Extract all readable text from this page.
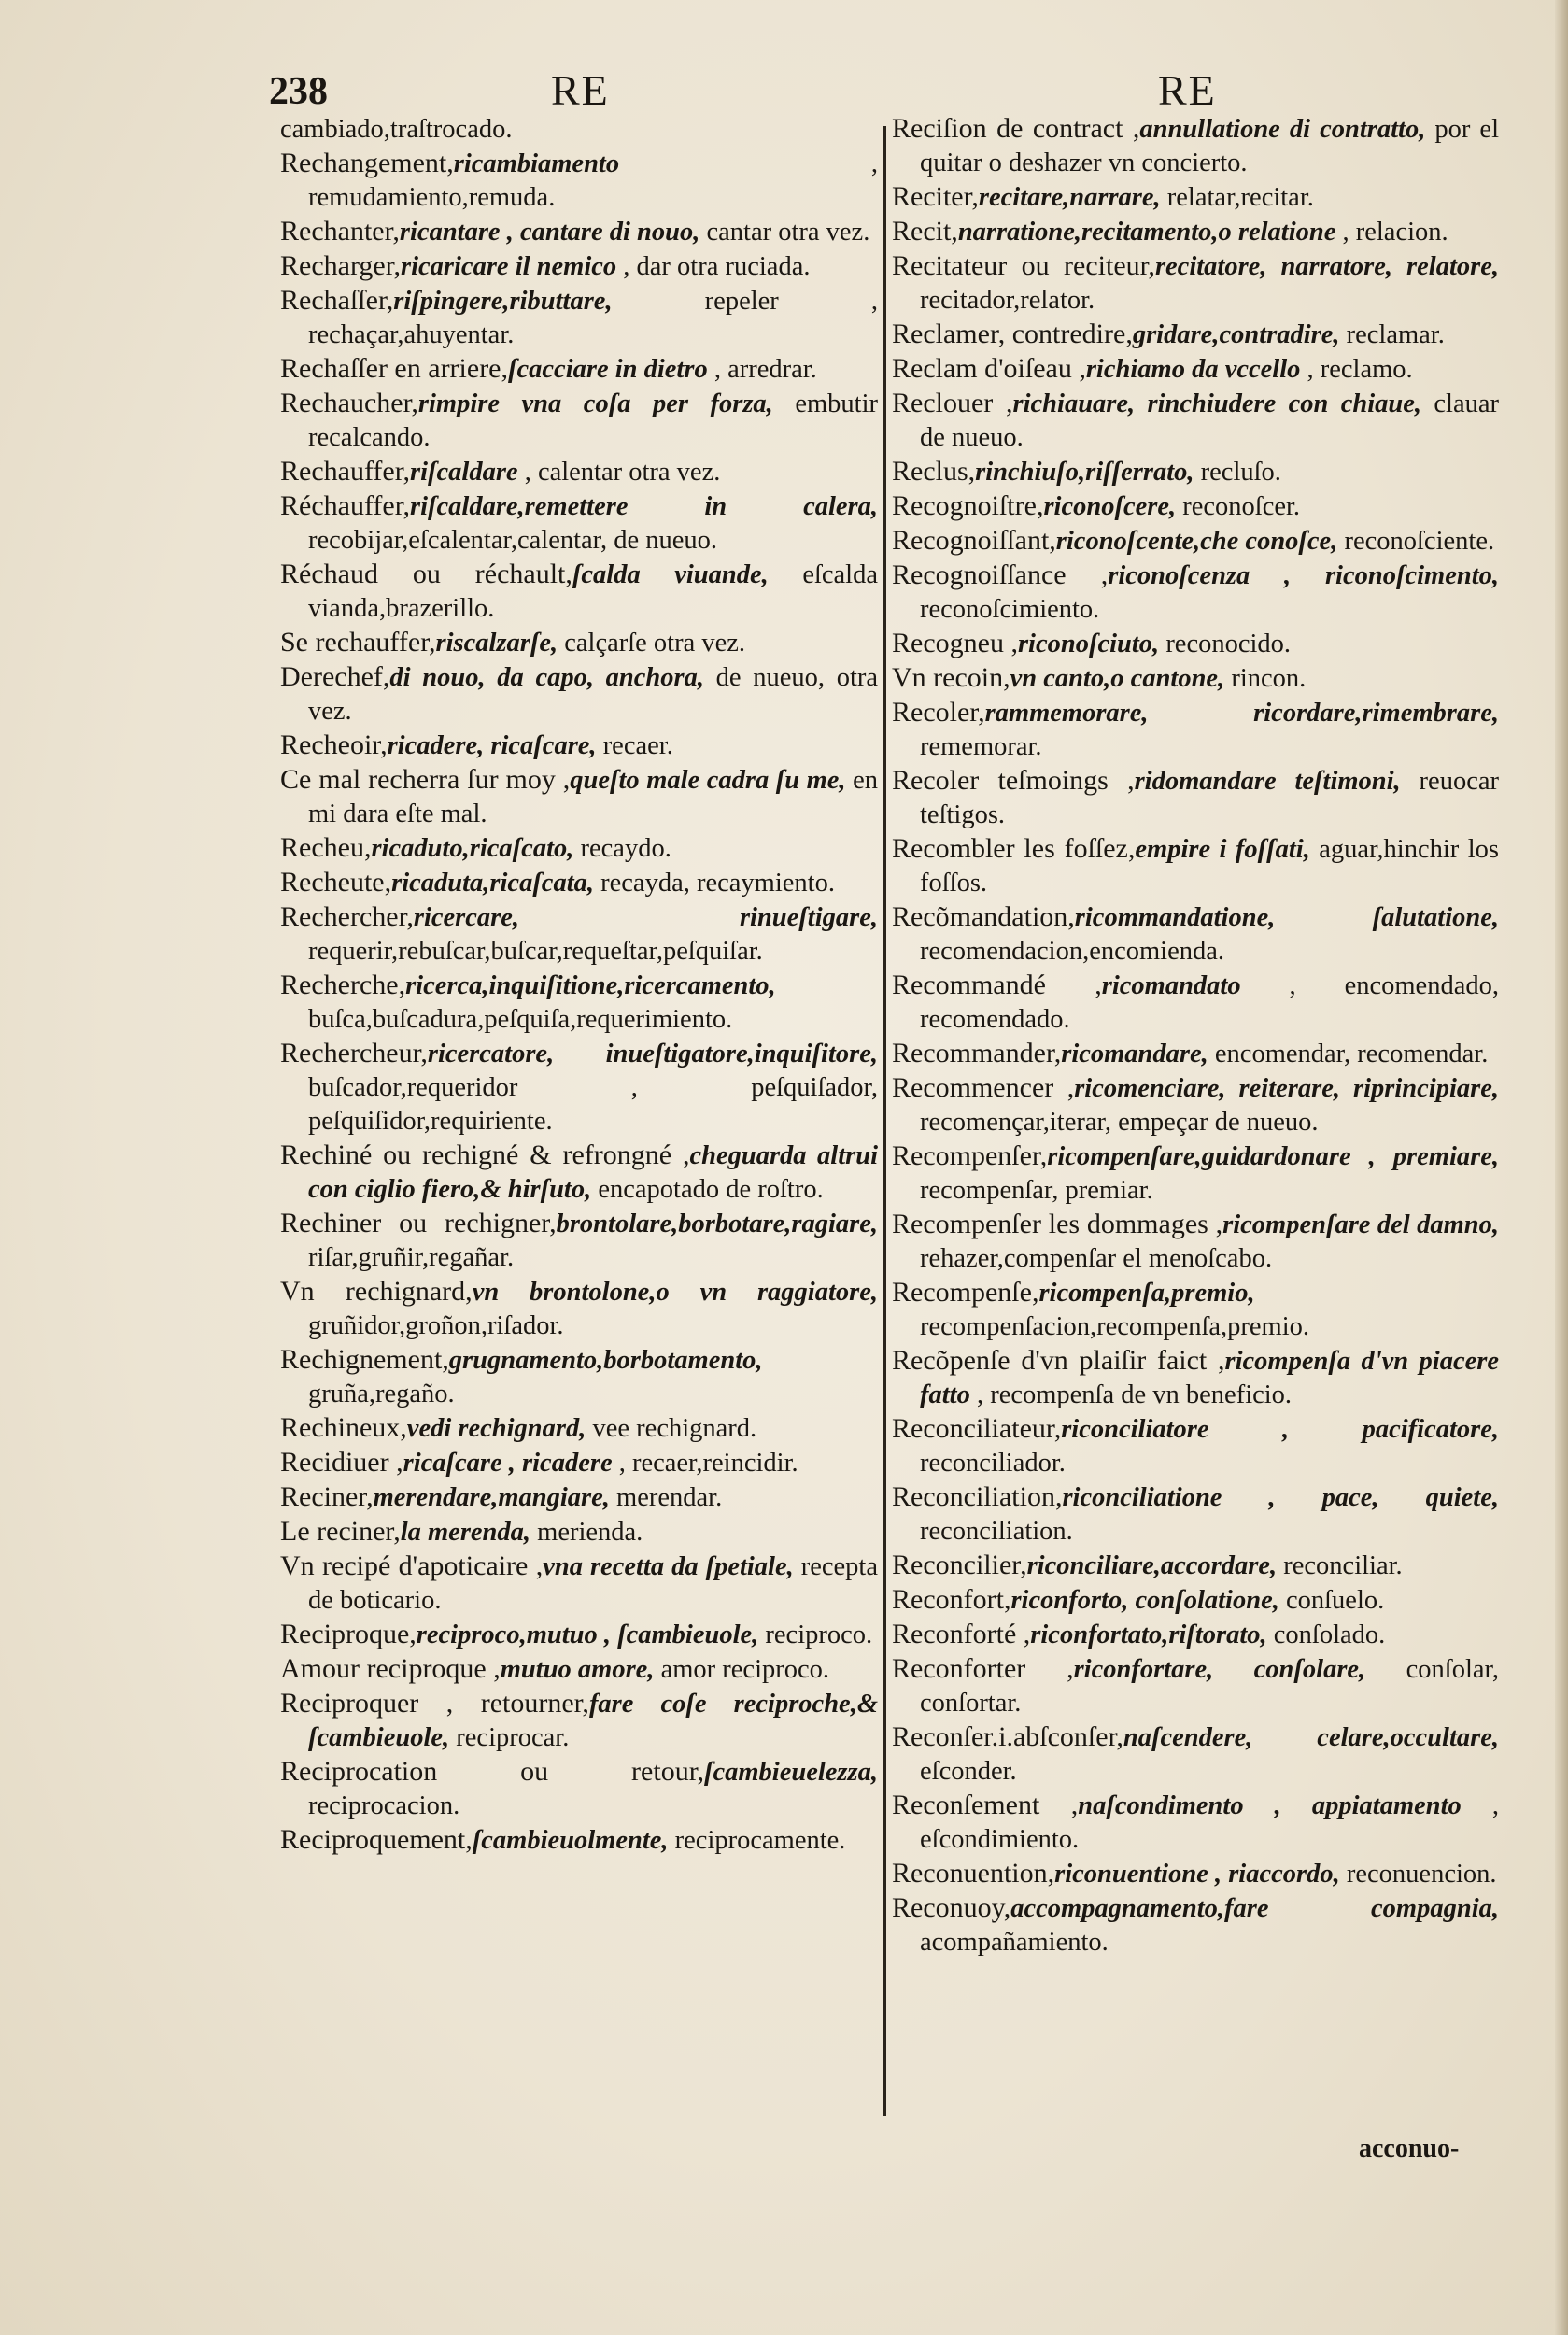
238	RE	RE

cambiado,traſtrocado.

Rechangement,ricambiamento , remudamiento,remuda.

Rechanter,ricantare , cantare di nouo, cantar otra vez.

Recharger,ricaricare il nemico , dar otra ruciada.

Rechaſſer,riſpingere,ributtare, repeler , rechaçar,ahuyentar.

Rechaſſer en arriere,ſcacciare in dietro , arredrar.

Rechaucher,rimpire vna coſa per forza, embutir recalcando.

Rechauffer,riſcaldare , calentar otra vez.

Réchauffer,riſcaldare,remettere in calera, recobijar,eſcalentar,calentar, de nueuo.

Réchaud ou réchault,ſcalda viuande, eſcalda vianda,brazerillo.

Se rechauffer,riscalzarſe, calçarſe otra vez.

Derechef,di nouo, da capo, anchora, de nueuo, otra vez.

Recheoir,ricadere, ricaſcare, recaer.

Ce mal recherra ſur moy ,queſto male cadra ſu me, en mi dara eſte mal.

Recheu,ricaduto,ricaſcato, recaydo.

Recheute,ricaduta,ricaſcata, recayda, recaymiento.

Rechercher,ricercare, rinueſtigare, requerir,rebuſcar,buſcar,requeſtar,peſquiſar.

Recherche,ricerca,inquiſitione,ricercamento, buſca,buſcadura,peſquiſa,requerimiento.

Rechercheur,ricercatore, inueſtigatore,inquiſitore, buſcador,requeridor , peſquiſador, peſquiſidor,requiriente.

Rechiné ou rechigné & refrongné ,cheguarda altrui con ciglio fiero,& hirſuto, encapotado de roſtro.

Rechiner ou rechigner,brontolare,borbotare,ragiare, riſar,gruñir,regañar.

Vn rechignard,vn brontolone,o vn raggiatore, gruñidor,groñon,riſador.

Rechignement,grugnamento,borbotamento, gruña,regaño.

Rechineux,vedi rechignard, vee rechignard.

Recidiuer ,ricaſcare , ricadere , recaer,reincidir.

Reciner,merendare,mangiare, merendar.

Le reciner,la merenda, merienda.

Vn recipé d'apoticaire ,vna recetta da ſpetiale, recepta de boticario.

Reciproque,reciproco,mutuo , ſcambieuole, reciproco.

Amour reciproque ,mutuo amore, amor reciproco.

Reciproquer , retourner,fare coſe reciproche,& ſcambieuole, reciprocar.

Reciprocation ou retour,ſcambieuelezza, reciprocacion.

Reciproquement,ſcambieuolmente, reciprocamente.

Reciſion de contract ,annullatione di contratto, por el quitar o deshazer vn concierto.

Reciter,recitare,narrare, relatar,recitar.

Recit,narratione,recitamento,o relatione , relacion.

Recitateur ou reciteur,recitatore, narratore, relatore, recitador,relator.

Reclamer, contredire,gridare,contradire, reclamar.

Reclam d'oiſeau ,richiamo da vccello , reclamo.

Reclouer ,richiauare, rinchiudere con chiaue, clauar de nueuo.

Reclus,rinchiuſo,riſſerrato, recluſo.

Recognoiſtre,riconoſcere, reconoſcer.

Recognoiſſant,riconoſcente,che conoſce, reconoſciente.

Recognoiſſance ,riconoſcenza , riconoſcimento, reconoſcimiento.

Recogneu ,riconoſciuto, reconocido.

Vn recoin,vn canto,o cantone, rincon.

Recoler,rammemorare, ricordare,rimembrare, rememorar.

Recoler teſmoings ,ridomandare teſtimoni, reuocar teſtigos.

Recombler les foſſez,empire i foſſati, aguar,hinchir los foſſos.

Recõmandation,ricommandatione, ſalutatione, recomendacion,encomienda.

Recommandé ,ricomandato , encomendado, recomendado.

Recommander,ricomandare, encomendar, recomendar.

Recommencer ,ricomenciare, reiterare, riprincipiare, recomençar,iterar, empeçar de nueuo.

Recompenſer,ricompenſare,guidardonare , premiare, recompenſar, premiar.

Recompenſer les dommages ,ricompenſare del damno, rehazer,compenſar el menoſcabo.

Recompenſe,ricompenſa,premio, recompenſacion,recompenſa,premio.

Recõpenſe d'vn plaiſir faict ,ricompenſa d'vn piacere fatto , recompenſa de vn beneficio.

Reconciliateur,riconciliatore , pacificatore, reconciliador.

Reconciliation,riconciliatione , pace, quiete, reconciliation.

Reconcilier,riconciliare,accordare, reconciliar.

Reconfort,riconforto, conſolatione, conſuelo.

Reconforté ,riconfortato,riſtorato, conſolado.

Reconforter ,riconfortare, conſolare, conſolar, conſortar.

Reconſer.i.abſconſer,naſcendere, celare,occultare, eſconder.

Reconſement ,naſcondimento , appiatamento , eſcondimiento.

Reconuention,riconuentione , riaccordo, reconuencion.

Reconuoy,accompagnamento,fare compagnia, acompañamiento.

acconuo-
